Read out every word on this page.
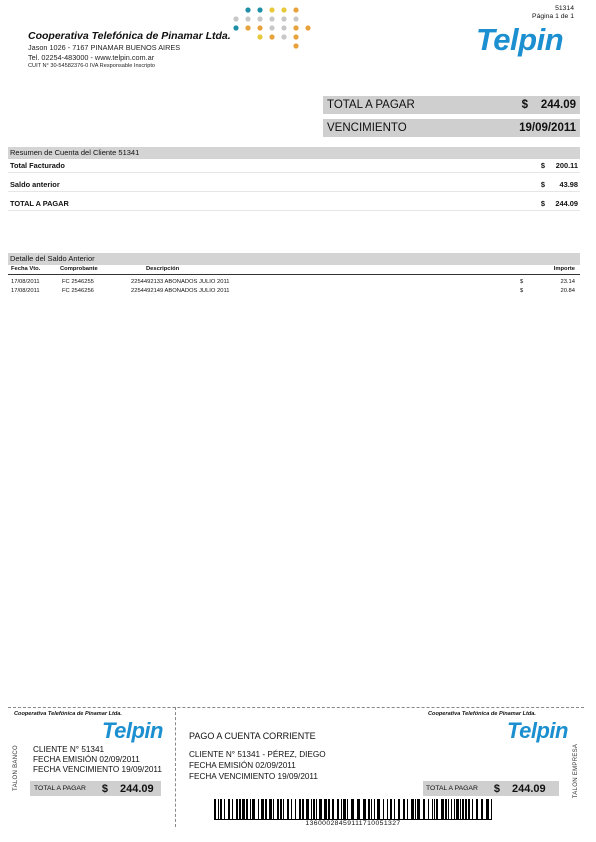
Cooperativa Telefónica de Pinamar Ltda.
Jason 1026 - 7167 PINAMAR BUENOS AIRES
Tel. 02254-483000 - www.telpin.com.ar
CUIT N° 30-54582376-0 IVA Responsable Inscripto
51314
Página 1 de 1
Telpin
TOTAL A PAGAR	$ 244.09
VENCIMIENTO	19/09/2011
Resumen de Cuenta del Cliente 51341
Total Facturado	$ 200.11
Saldo anterior	$ 43.98
TOTAL A PAGAR	$ 244.09
Detalle del Saldo Anterior
Fecha Vto.	Comprobante	Descripción	Importe
17/08/2011	FC 2546255	2254492133 ABONADOS JULIO 2011	$	23.14
17/08/2011	FC 2546256	2254492149 ABONADOS JULIO 2011	$	20.84
Cooperativa Telefónica de Pinamar Ltda.
Telpin
TALON BANCO CLIENTE N° 51341
FECHA EMISIÓN 02/09/2011
FECHA VENCIMIENTO 19/09/2011
TOTAL A PAGAR $ 244.09
Cooperativa Telefónica de Pinamar Ltda.
Telpin
TALON EMPRESA
PAGO A CUENTA CORRIENTE
CLIENTE N° 51341 - PÉREZ, DIEGO
FECHA EMISIÓN 02/09/2011
FECHA VENCIMIENTO 19/09/2011
TOTAL A PAGAR $ 244.09
13600028459111710051327
